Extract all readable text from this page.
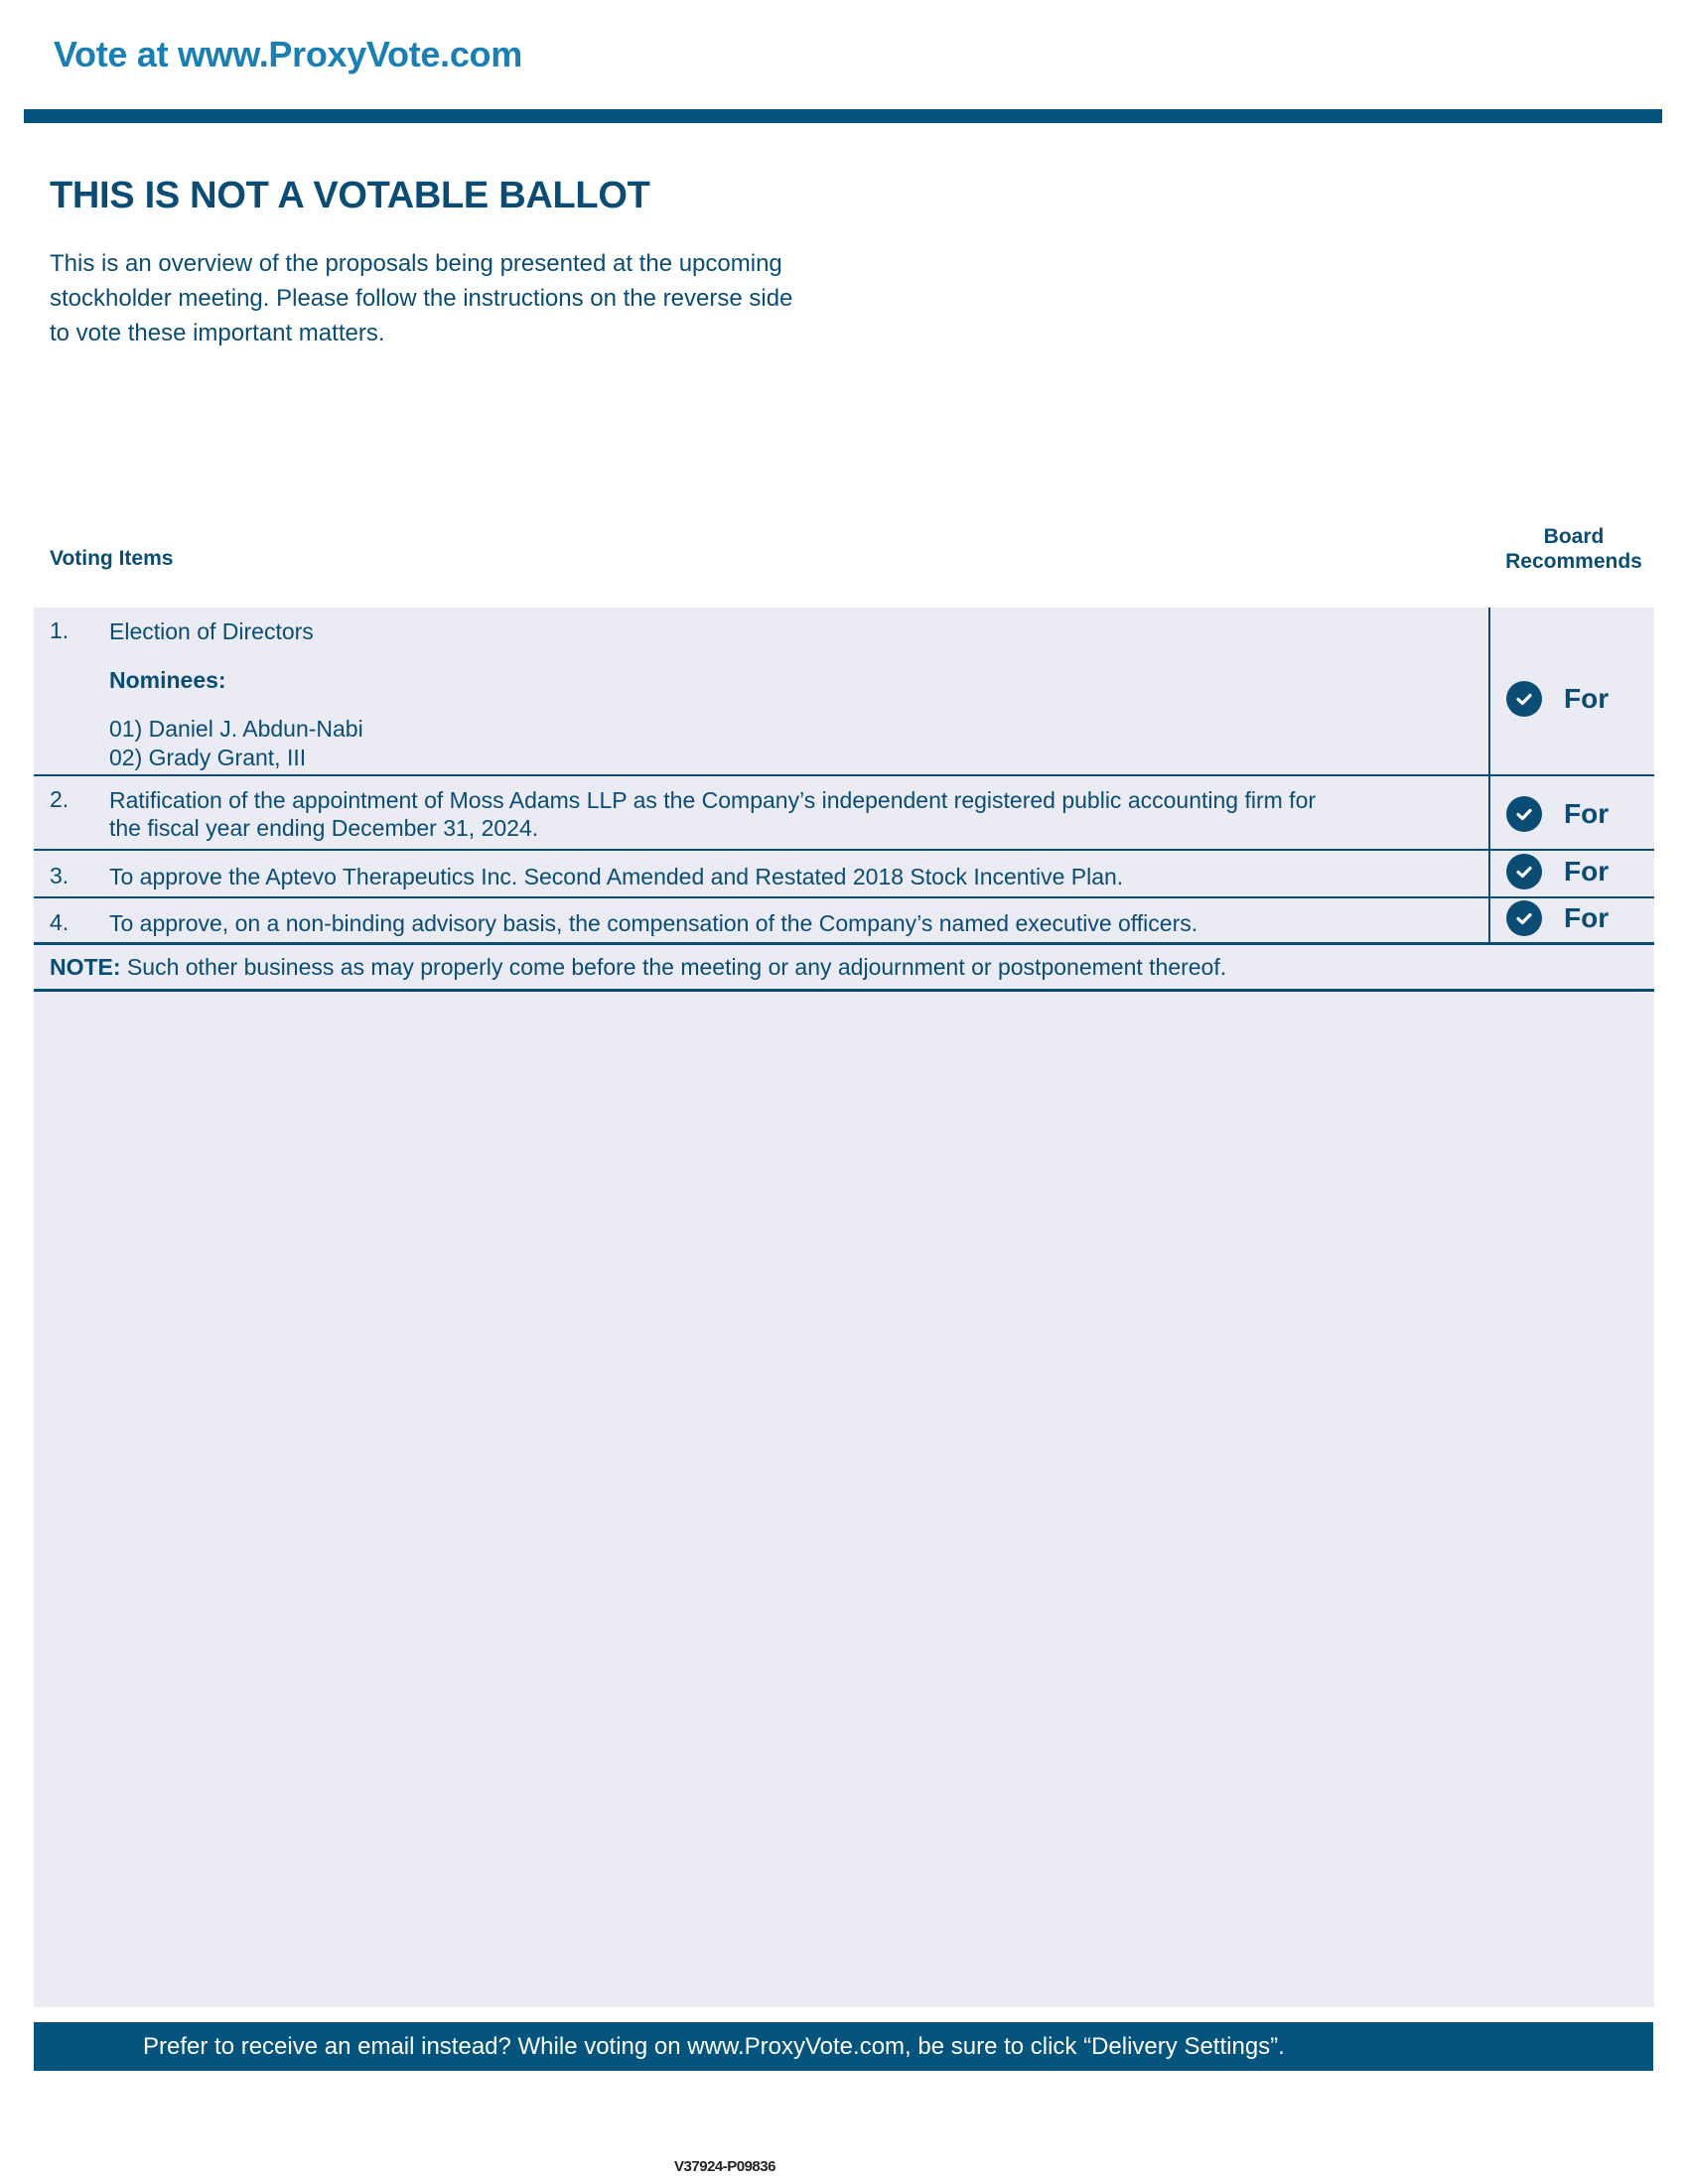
Vote at www.ProxyVote.com
THIS IS NOT A VOTABLE BALLOT
This is an overview of the proposals being presented at the upcoming stockholder meeting. Please follow the instructions on the reverse side to vote these important matters.
Voting Items
Board
Recommends
1. Election of Directors
Nominees:
01) Daniel J. Abdun-Nabi
02) Grady Grant, III
For
2. Ratification of the appointment of Moss Adams LLP as the Company’s independent registered public accounting firm for
the fiscal year ending December 31, 2024.	For
3. To approve the Aptevo Therapeutics Inc. Second Amended and Restated 2018 Stock Incentive Plan.	For
4. To approve, on a non-binding advisory basis, the compensation of the Company’s named executive officers.	For
NOTE: Such other business as may properly come before the meeting or any adjournment or postponement thereof.
Prefer to receive an email instead? While voting on www.ProxyVote.com, be sure to click “Delivery Settings”.
V37924-P09836
